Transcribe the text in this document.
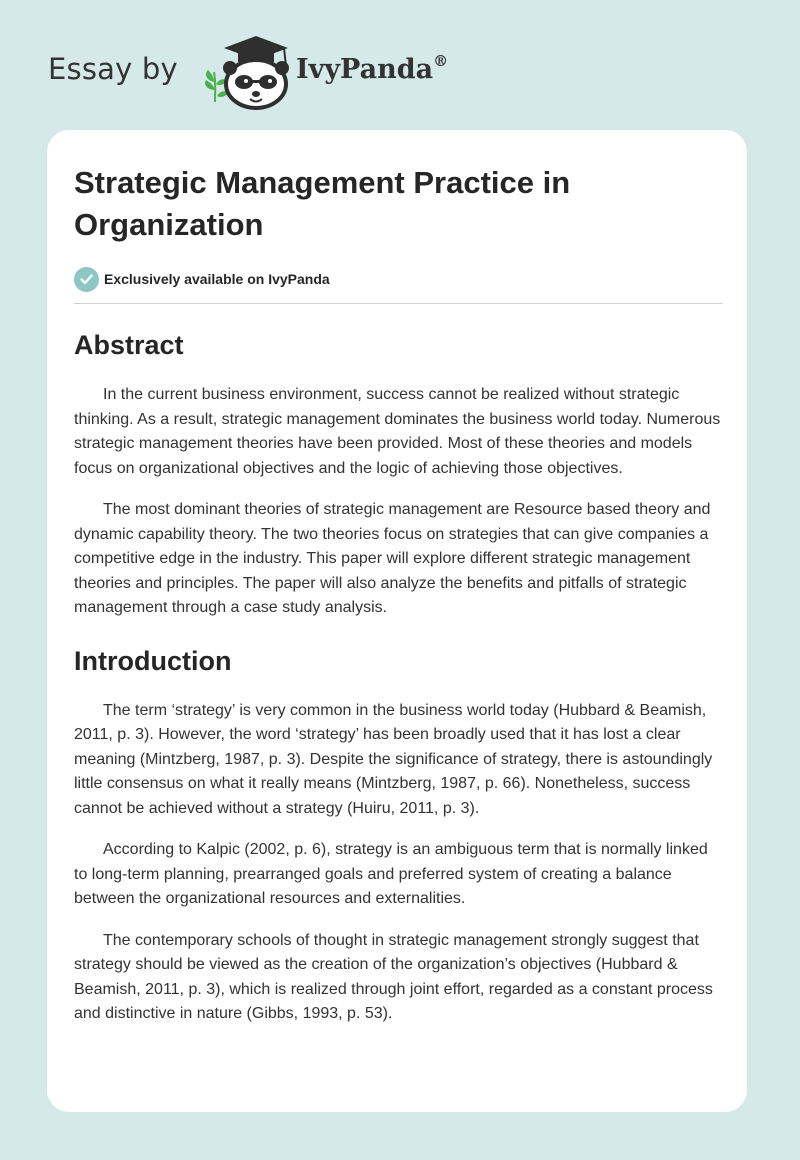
Essay by	IvyPanda®
Strategic Management Practice in Organization
Exclusively available on IvyPanda
Abstract

In the current business environment, success cannot be realized without strategic thinking. As a result, strategic management dominates the business world today. Numerous strategic management theories have been provided. Most of these theories and models focus on organizational objectives and the logic of achieving those objectives.

The most dominant theories of strategic management are Resource based theory and dynamic capability theory. The two theories focus on strategies that can give companies a competitive edge in the industry. This paper will explore different strategic management theories and principles. The paper will also analyze the benefits and pitfalls of strategic management through a case study analysis.

Introduction

The term ‘strategy’ is very common in the business world today (Hubbard & Beamish, 2011, p. 3). However, the word ‘strategy’ has been broadly used that it has lost a clear meaning (Mintzberg, 1987, p. 3). Despite the significance of strategy, there is astoundingly little consensus on what it really means (Mintzberg, 1987, p. 66). Nonetheless, success cannot be achieved without a strategy (Huiru, 2011, p. 3).

According to Kalpic (2002, p. 6), strategy is an ambiguous term that is normally linked to long-term planning, prearranged goals and preferred system of creating a balance between the organizational resources and externalities.

The contemporary schools of thought in strategic management strongly suggest that strategy should be viewed as the creation of the organization’s objectives (Hubbard & Beamish, 2011, p. 3), which is realized through joint effort, regarded as a constant process and distinctive in nature (Gibbs, 1993, p. 53).
